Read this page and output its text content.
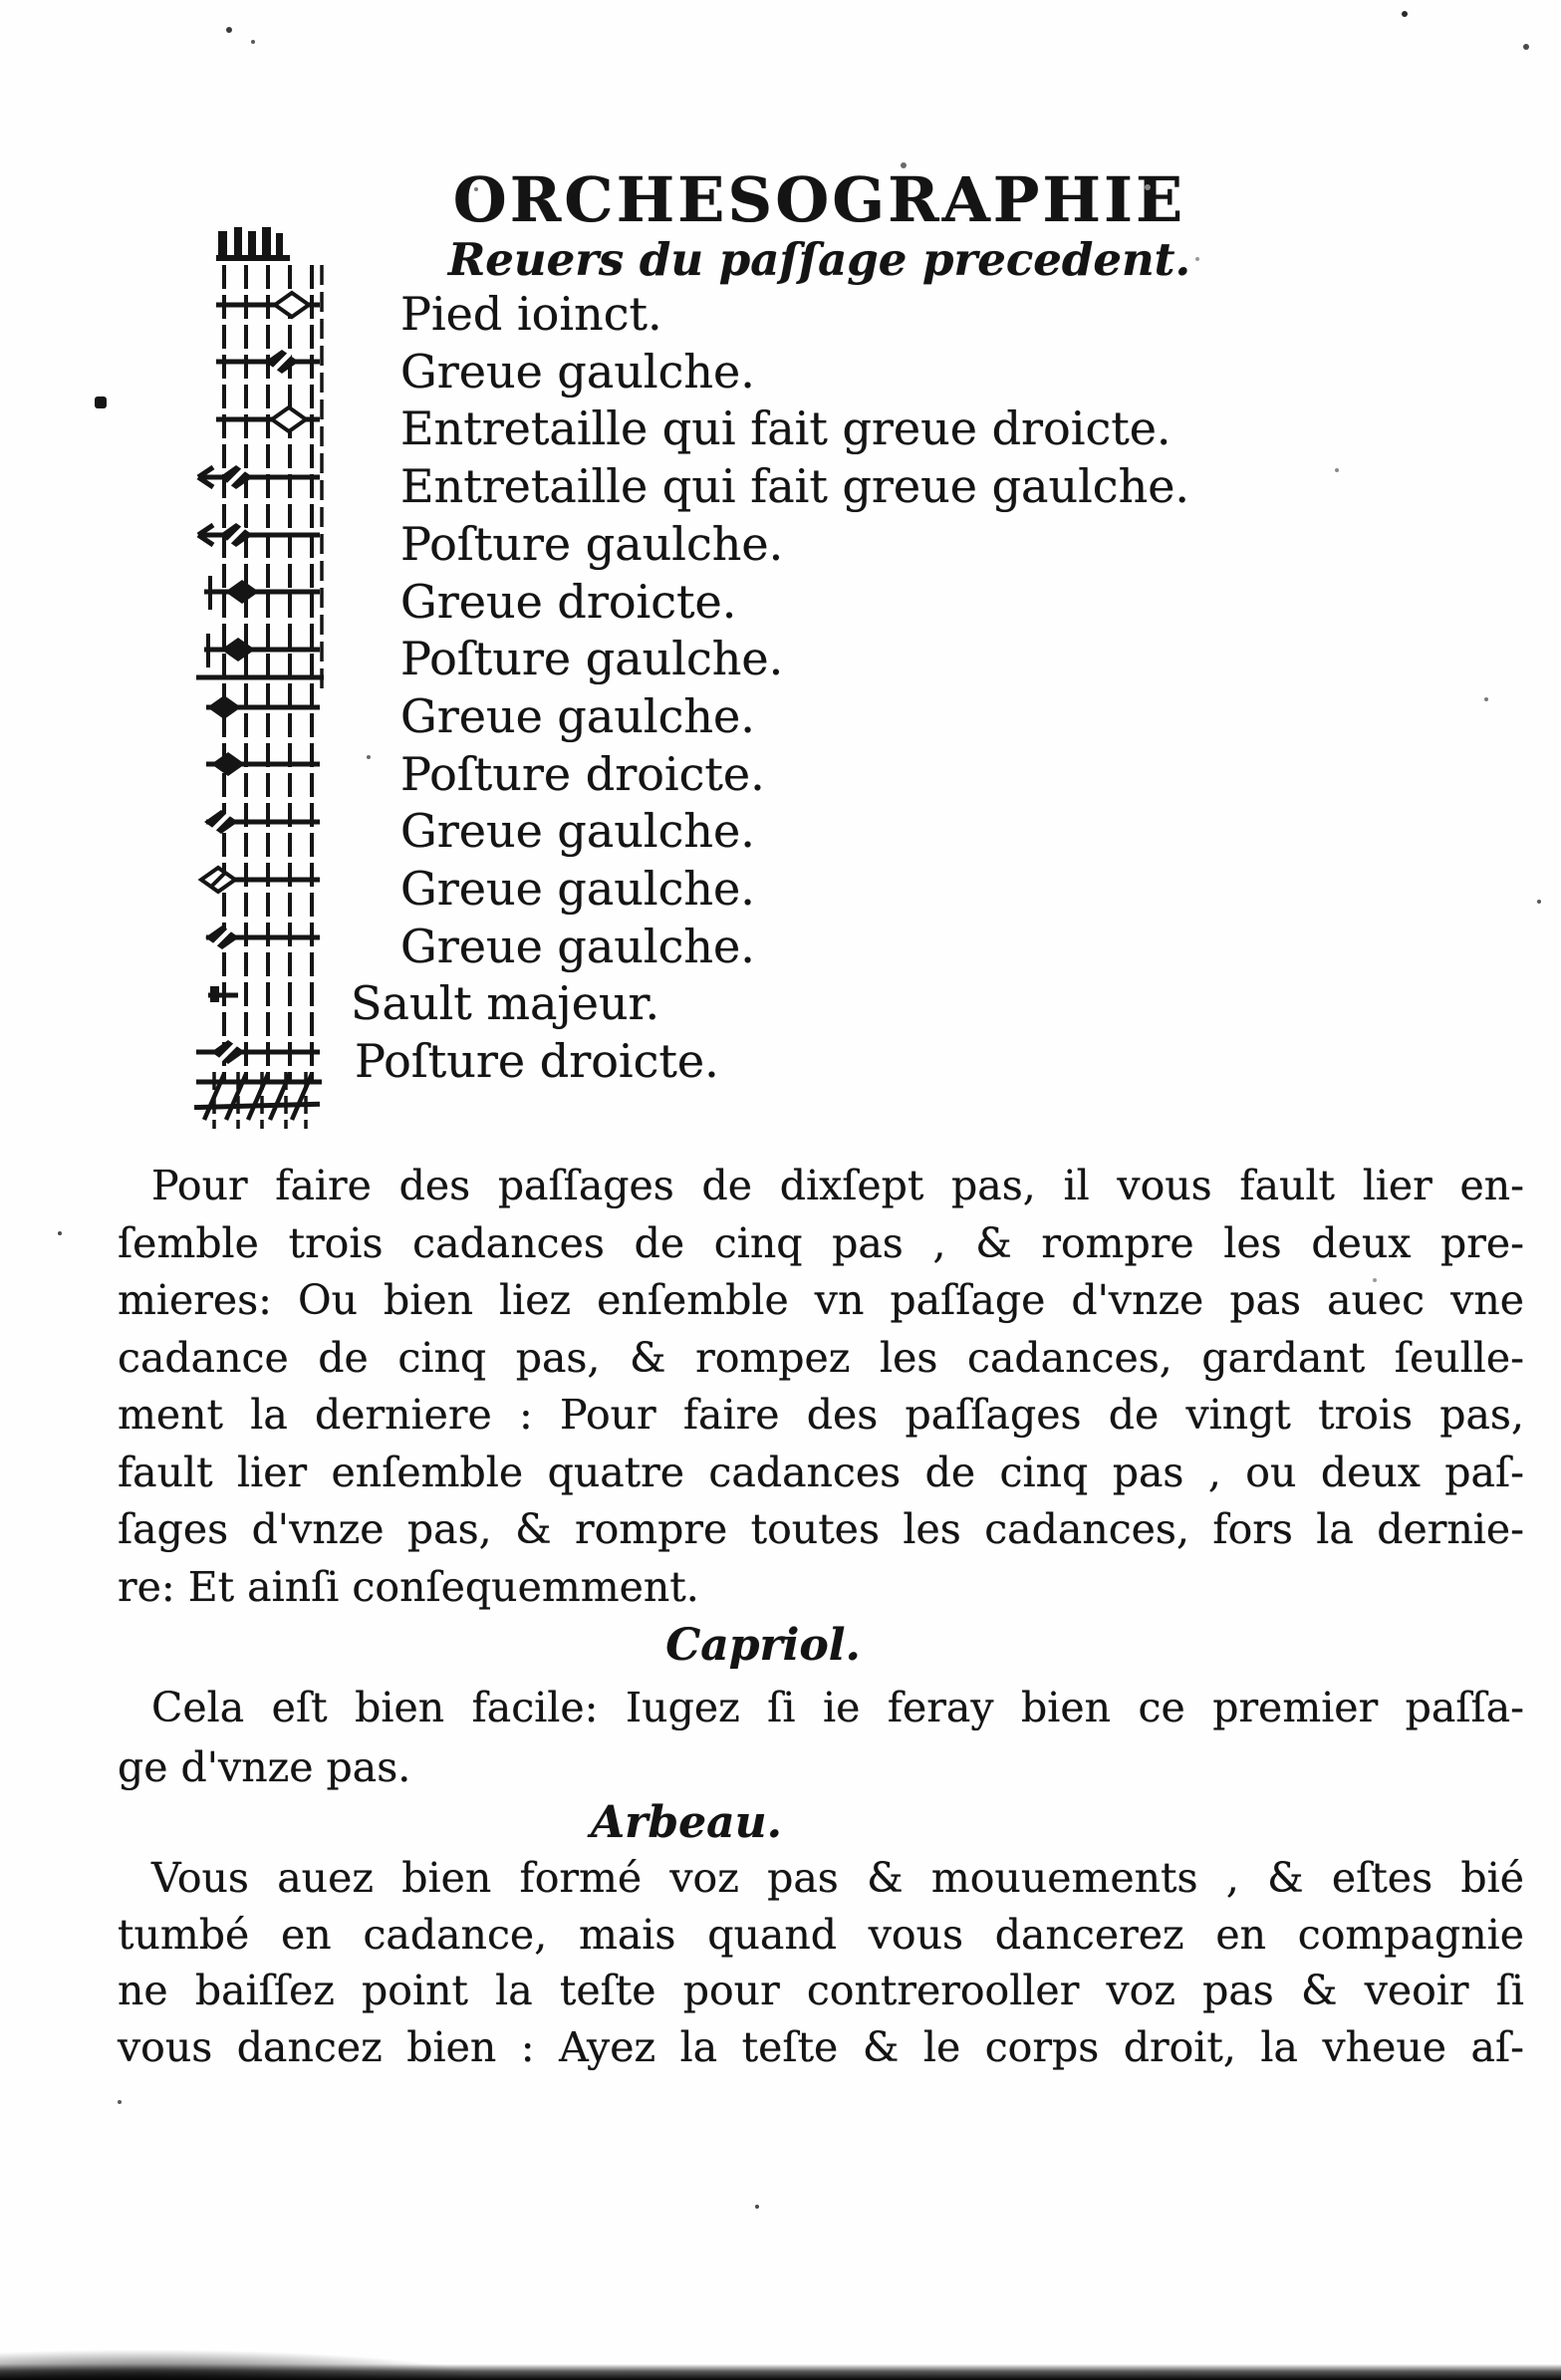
ORCHESOGRAPHIE
Reuers du paſſage precedent.
Pied ioinct.
Greue gaulche.
Entretaille qui fait greue droicte.
Entretaille qui fait greue gaulche.
Poſture gaulche.
Greue droicte.
Poſture gaulche.
Greue gaulche.
Poſture droicte.
Greue gaulche.
Greue gaulche.
Greue gaulche.
Sault majeur.
Poſture droicte.
Pour faire des paſſages de dixſept pas, il vous fault lier en-
ſemble trois cadances de cinq pas , & rompre les deux pre-
mieres: Ou bien liez enſemble vn paſſage d'vnze pas auec vne
cadance de cinq pas, & rompez les cadances, gardant ſeulle-
ment la derniere : Pour faire des paſſages de vingt trois pas,
fault lier enſemble quatre cadances de cinq pas , ou deux paſ-
ſages d'vnze pas, & rompre toutes les cadances, fors la dernie-
re: Et ainſi conſequemment.
Capriol.
Cela eſt bien facile: Iugez ſi ie feray bien ce premier paſſa-
ge d'vnze pas.
Arbeau.
Vous auez bien formé voz pas & mouuements , & eſtes bié
tumbé en cadance, mais quand vous dancerez en compagnie
ne baiſſez point la teſte pour contrerooller voz pas & veoir ſi
vous dancez bien : Ayez la teſte & le corps droit, la vheue aſ-
